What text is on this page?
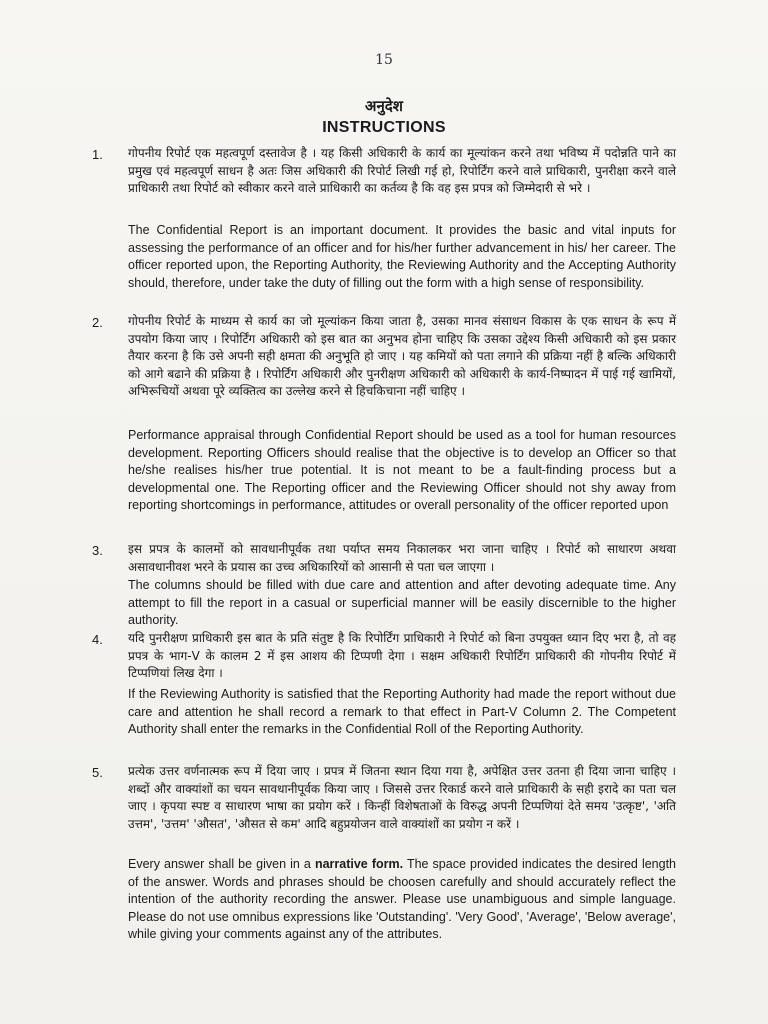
15
अनुदेश
INSTRUCTIONS
1. गोपनीय रिपोर्ट एक महत्वपूर्ण दस्तावेज है । यह किसी अधिकारी के कार्य का मूल्यांकन करने तथा भविष्य में पदोन्नति पाने का प्रमुख एवं महत्वपूर्ण साधन है अतः जिस अधिकारी की रिपोर्ट लिखी गई हो, रिपोर्टिंग करने वाले प्राधिकारी, पुनरीक्षा करने वाले प्राधिकारी तथा रिपोर्ट को स्वीकार करने वाले प्राधिकारी का कर्तव्य है कि वह इस प्रपत्र को जिम्मेदारी से भरे ।
The Confidential Report is an important document. It provides the basic and vital inputs for assessing the performance of an officer and for his/her further advancement in his/ her career. The officer reported upon, the Reporting Authority, the Reviewing Authority and the Accepting Authority should, therefore, under take the duty of filling out the form with a high sense of responsibility.
2. गोपनीय रिपोर्ट के माध्यम से कार्य का जो मूल्यांकन किया जाता है, उसका मानव संसाधन विकास के एक साधन के रूप में उपयोग किया जाए । रिपोर्टिंग अधिकारी को इस बात का अनुभव होना चाहिए कि उसका उद्देश्य किसी अधिकारी को इस प्रकार तैयार करना है कि उसे अपनी सही क्षमता की अनुभूति हो जाए । यह कमियों को पता लगाने की प्रक्रिया नहीं है बल्कि अधिकारी को आगे बढाने की प्रक्रिया है । रिपोर्टिंग अधिकारी और पुनरीक्षण अधिकारी को अधिकारी के कार्य-निष्पादन में पाई गई खामियों, अभिरूचियों अथवा पूरे व्यक्तित्व का उल्लेख करने से हिचकिचाना नहीं चाहिए ।
Performance appraisal through Confidential Report should be used as a tool for human resources development. Reporting Officers should realise that the objective is to develop an Officer so that he/she realises his/her true potential. It is not meant to be a fault-finding process but a developmental one. The Reporting officer and the Reviewing Officer should not shy away from reporting shortcomings in performance, attitudes or overall personality of the officer reported upon
3. इस प्रपत्र के कालमों को सावधानीपूर्वक तथा पर्याप्त समय निकालकर भरा जाना चाहिए । रिपोर्ट को साधारण अथवा असावधानीवश भरने के प्रयास का उच्च अधिकारियों को आसानी से पता चल जाएगा ।
The columns should be filled with due care and attention and after devoting adequate time. Any attempt to fill the report in a casual or superficial manner will be easily discernible to the higher authority.
4. यदि पुनरीक्षण प्राधिकारी इस बात के प्रति संतुष्ट है कि रिपोर्टिंग प्राधिकारी ने रिपोर्ट को बिना उपयुक्त ध्यान दिए भरा है, तो वह प्रपत्र के भाग-V के कालम 2 में इस आशय की टिप्पणी देगा । सक्षम अधिकारी रिपोर्टिंग प्राधिकारी की गोपनीय रिपोर्ट में टिप्पणियां लिख देगा ।
If the Reviewing Authority is satisfied that the Reporting Authority had made the report without due care and attention he shall record a remark to that effect in Part-V Column 2. The Competent Authority shall enter the remarks in the Confidential Roll of the Reporting Authority.
5. प्रत्येक उत्तर वर्णनात्मक रूप में दिया जाए । प्रपत्र में जितना स्थान दिया गया है, अपेक्षित उत्तर उतना ही दिया जाना चाहिए । शब्दों और वाक्यांशों का चयन सावधानीपूर्वक किया जाए । जिससे उत्तर रिकार्ड करने वाले प्राधिकारी के सही इरादे का पता चल जाए । कृपया स्पष्ट व साधारण भाषा का प्रयोग करें । किन्हीं विशेषताओं के विरुद्ध अपनी टिप्पणियां देते समय 'उत्कृष्ट', 'अति उत्तम', 'उत्तम' 'औसत', 'औसत से कम' आदि बहुप्रयोजन वाले वाक्यांशों का प्रयोग न करें ।
Every answer shall be given in a narrative form. The space provided indicates the desired length of the answer. Words and phrases should be choosen carefully and should accurately reflect the intention of the authority recording the answer. Please use unambiguous and simple language. Please do not use omnibus expressions like 'Outstanding'. 'Very Good', 'Average', 'Below average', while giving your comments against any of the attributes.
